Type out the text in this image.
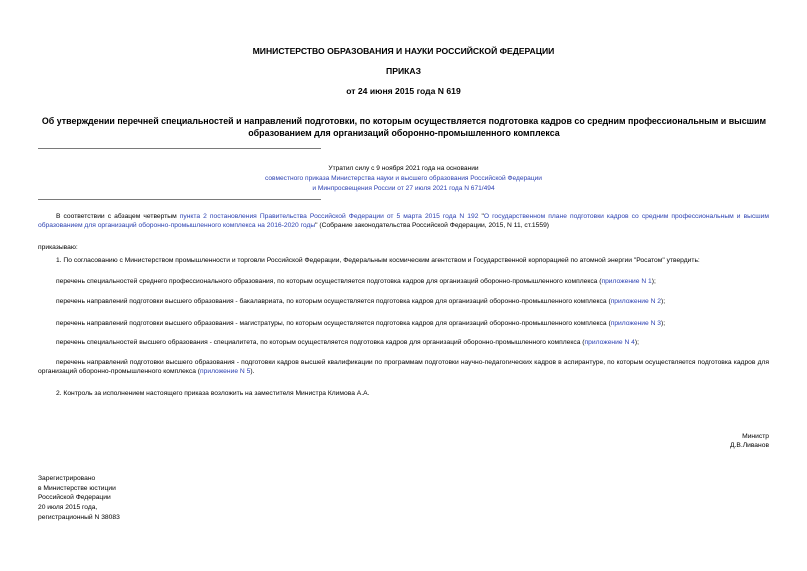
МИНИСТЕРСТВО ОБРАЗОВАНИЯ И НАУКИ РОССИЙСКОЙ ФЕДЕРАЦИИ
ПРИКАЗ
от 24 июня 2015 года N 619
Об утверждении перечней специальностей и направлений подготовки, по которым осуществляется подготовка кадров со средним профессиональным и высшим образованием для организаций оборонно-промышленного комплекса
Утратил силу с 9 ноября 2021 года на основании
совместного приказа Министерства науки и высшего образования Российской Федерации
и Минпросвещения России от 27 июля 2021 года N 671/494
В соответствии с абзацем четвертым пункта 2 постановления Правительства Российской Федерации от 5 марта 2015 года N 192 "О государственном плане подготовки кадров со средним профессиональным и высшим образованием для организаций оборонно-промышленного комплекса на 2016-2020 годы" (Собрание законодательства Российской Федерации, 2015, N 11, ст.1559)
приказываю:
1. По согласованию с Министерством промышленности и торговли Российской Федерации, Федеральным космическим агентством и Государственной корпорацией по атомной энергии "Росатом" утвердить:
перечень специальностей среднего профессионального образования, по которым осуществляется подготовка кадров для организаций оборонно-промышленного комплекса (приложение N 1);
перечень направлений подготовки высшего образования - бакалавриата, по которым осуществляется подготовка кадров для организаций оборонно-промышленного комплекса (приложение N 2);
перечень направлений подготовки высшего образования - магистратуры, по которым осуществляется подготовка кадров для организаций оборонно-промышленного комплекса (приложение N 3);
перечень специальностей высшего образования - специалитета, по которым осуществляется подготовка кадров для организаций оборонно-промышленного комплекса (приложение N 4);
перечень направлений подготовки высшего образования - подготовки кадров высшей квалификации по программам подготовки научно-педагогических кадров в аспирантуре, по которым осуществляется подготовка кадров для организаций оборонно-промышленного комплекса (приложение N 5).
2. Контроль за исполнением настоящего приказа возложить на заместителя Министра Климова А.А.
Министр
Д.В.Ливанов
Зарегистрировано
в Министерстве юстиции
Российской Федерации
20 июля 2015 года,
регистрационный N 38083
